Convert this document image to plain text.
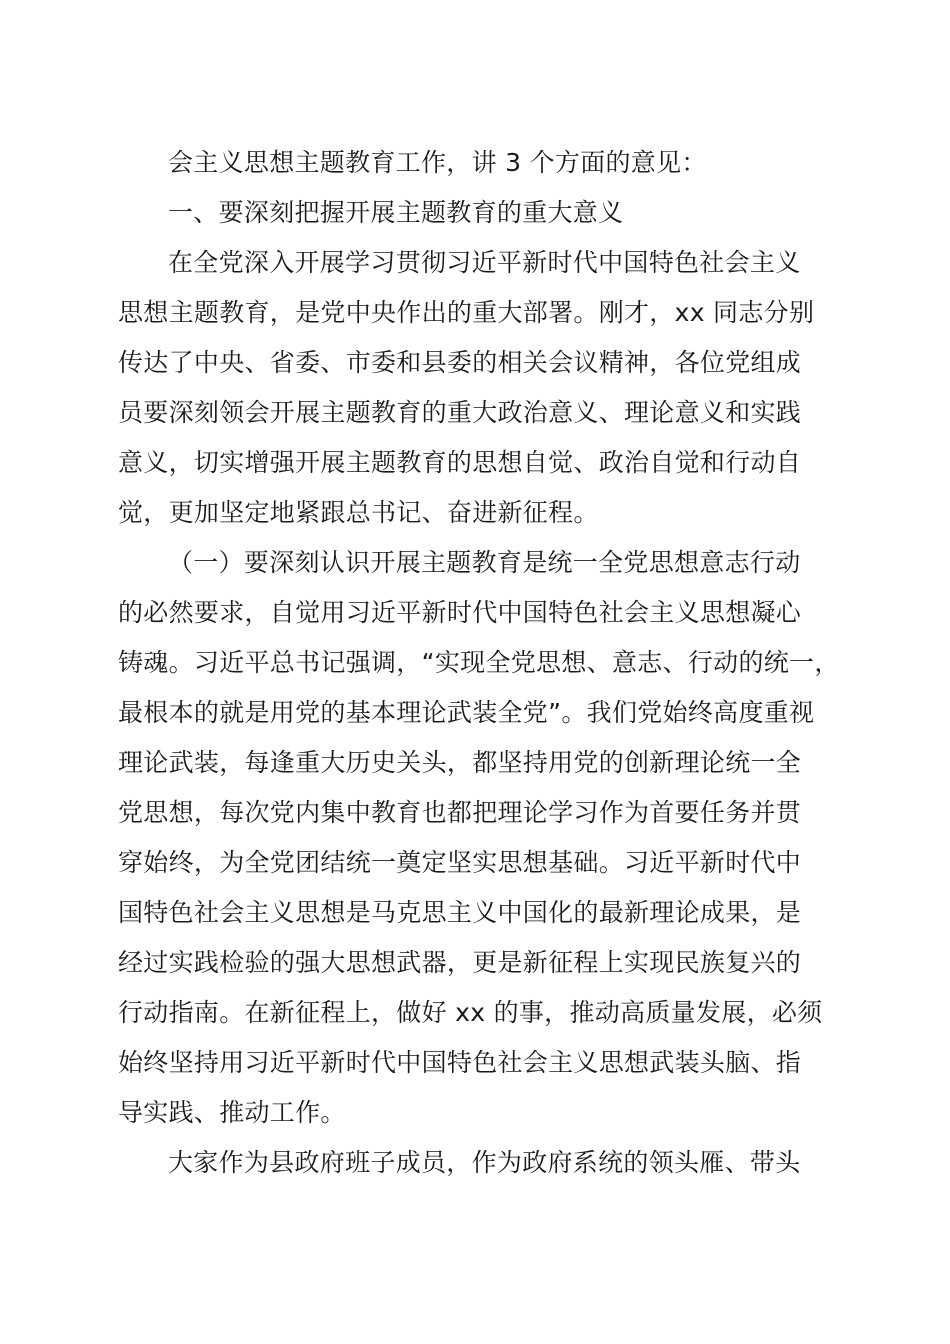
会主义思想主题教育工作，讲 3 个方面的意见：

一、要深刻把握开展主题教育的重大意义

在全党深入开展学习贯彻习近平新时代中国特色社会主义

思想主题教育，是党中央作出的重大部署。刚才，xx 同志分别

传达了中央、省委、市委和县委的相关会议精神，各位党组成

员要深刻领会开展主题教育的重大政治意义、理论意义和实践

意义，切实增强开展主题教育的思想自觉、政治自觉和行动自

觉，更加坚定地紧跟总书记、奋进新征程。

（一）要深刻认识开展主题教育是统一全党思想意志行动

的必然要求，自觉用习近平新时代中国特色社会主义思想凝心

铸魂。习近平总书记强调，“实现全党思想、意志、行动的统一，

最根本的就是用党的基本理论武装全党”。我们党始终高度重视

理论武装，每逢重大历史关头，都坚持用党的创新理论统一全

党思想，每次党内集中教育也都把理论学习作为首要任务并贯

穿始终，为全党团结统一奠定坚实思想基础。习近平新时代中

国特色社会主义思想是马克思主义中国化的最新理论成果，是

经过实践检验的强大思想武器，更是新征程上实现民族复兴的

行动指南。在新征程上，做好 xx 的事，推动高质量发展，必须

始终坚持用习近平新时代中国特色社会主义思想武装头脑、指

导实践、推动工作。

大家作为县政府班子成员，作为政府系统的领头雁、带头
